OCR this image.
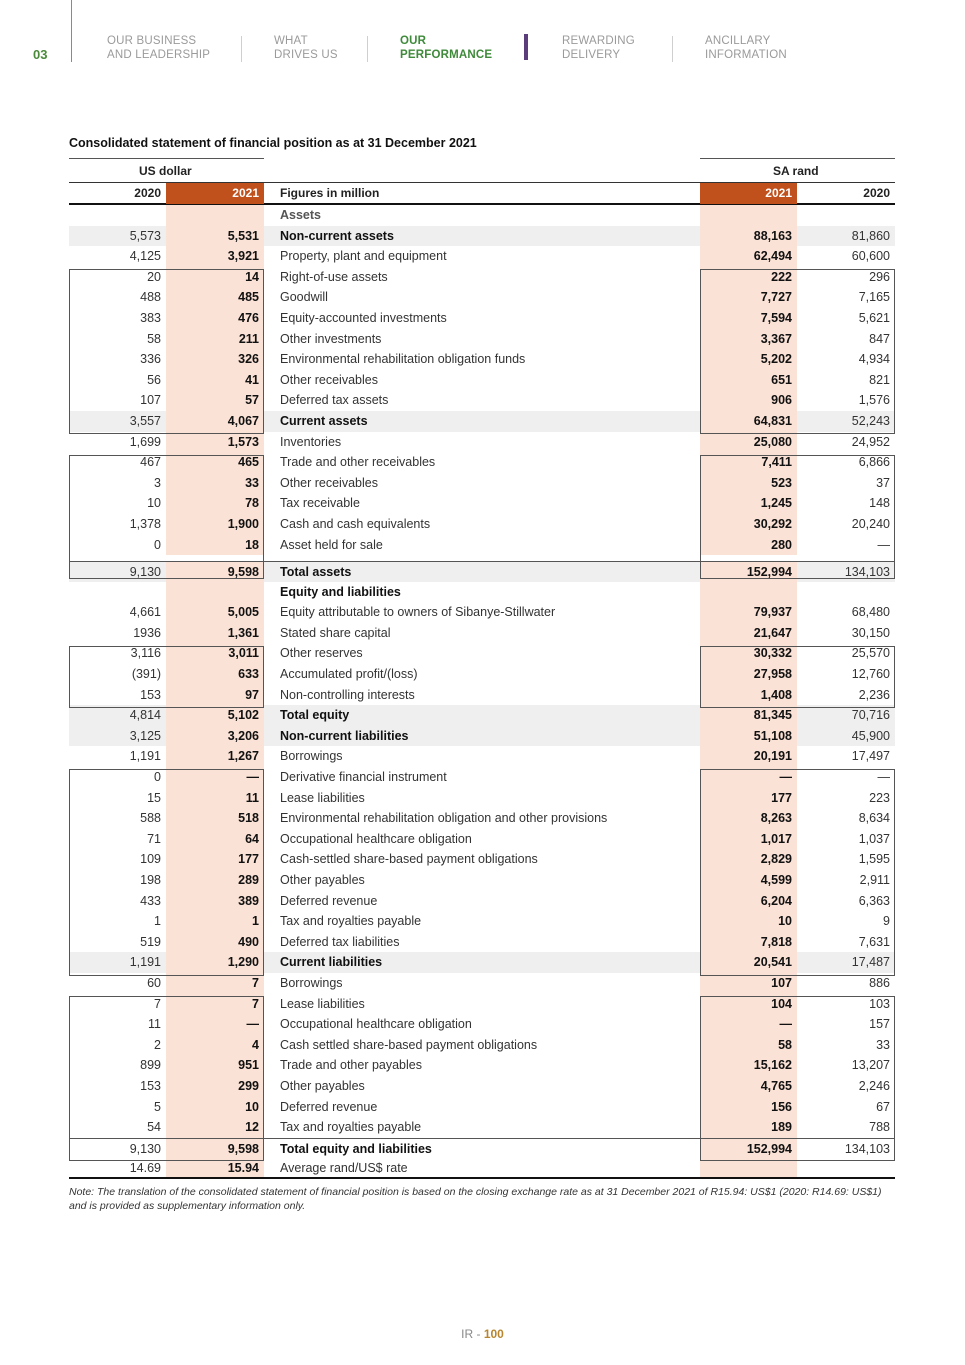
03
OUR BUSINESS
AND LEADERSHIP
WHAT
DRIVES US
OUR
PERFORMANCE
REWARDING
DELIVERY
ANCILLARY
INFORMATION
Consolidated statement of financial position as at 31 December 2021
US dollar	SA rand
2020	2021	Figures in million	2021	2020
Assets
5,573	5,531	Non-current assets	88,163	81,860
4,125	3,921	Property, plant and equipment	62,494	60,600
20	14	Right-of-use assets	222	296
488	485	Goodwill	7,727	7,165
383	476	Equity-accounted investments	7,594	5,621
58	211	Other investments	3,367	847
336	326	Environmental rehabilitation obligation funds	5,202	4,934
56	41	Other receivables	651	821
107	57	Deferred tax assets	906	1,576
3,557	4,067	Current assets	64,831	52,243
1,699	1,573	Inventories	25,080	24,952
467	465	Trade and other receivables	7,411	6,866
3	33	Other receivables	523	37
10	78	Tax receivable	1,245	148
1,378	1,900	Cash and cash equivalents	30,292	20,240
0	18	Asset held for sale	280	—
9,130	9,598	Total assets	152,994	134,103
Equity and liabilities
4,661	5,005	Equity attributable to owners of Sibanye-Stillwater	79,937	68,480
1936	1,361	Stated share capital	21,647	30,150
3,116	3,011	Other reserves	30,332	25,570
(391)	633	Accumulated profit/(loss)	27,958	12,760
153	97	Non-controlling interests	1,408	2,236
4,814	5,102	Total equity	81,345	70,716
3,125	3,206	Non-current liabilities	51,108	45,900
1,191	1,267	Borrowings	20,191	17,497
0	—	Derivative financial instrument	—	—
15	11	Lease liabilities	177	223
588	518	Environmental rehabilitation obligation and other provisions	8,263	8,634
71	64	Occupational healthcare obligation	1,017	1,037
109	177	Cash-settled share-based payment obligations	2,829	1,595
198	289	Other payables	4,599	2,911
433	389	Deferred revenue	6,204	6,363
1	1	Tax and royalties payable	10	9
519	490	Deferred tax liabilities	7,818	7,631
1,191	1,290	Current liabilities	20,541	17,487
60	7	Borrowings	107	886
7	7	Lease liabilities	104	103
11	—	Occupational healthcare obligation	—	157
2	4	Cash settled share-based payment obligations	58	33
899	951	Trade and other payables	15,162	13,207
153	299	Other payables	4,765	2,246
5	10	Deferred revenue	156	67
54	12	Tax and royalties payable	189	788
9,130	9,598	Total equity and liabilities	152,994	134,103
14.69	15.94	Average rand/US$ rate
Note: The translation of the consolidated statement of financial position is based on the closing exchange rate as at 31 December 2021 of R15.94: US$1 (2020: R14.69: US$1) and is provided as supplementary information only.
IR - 100
